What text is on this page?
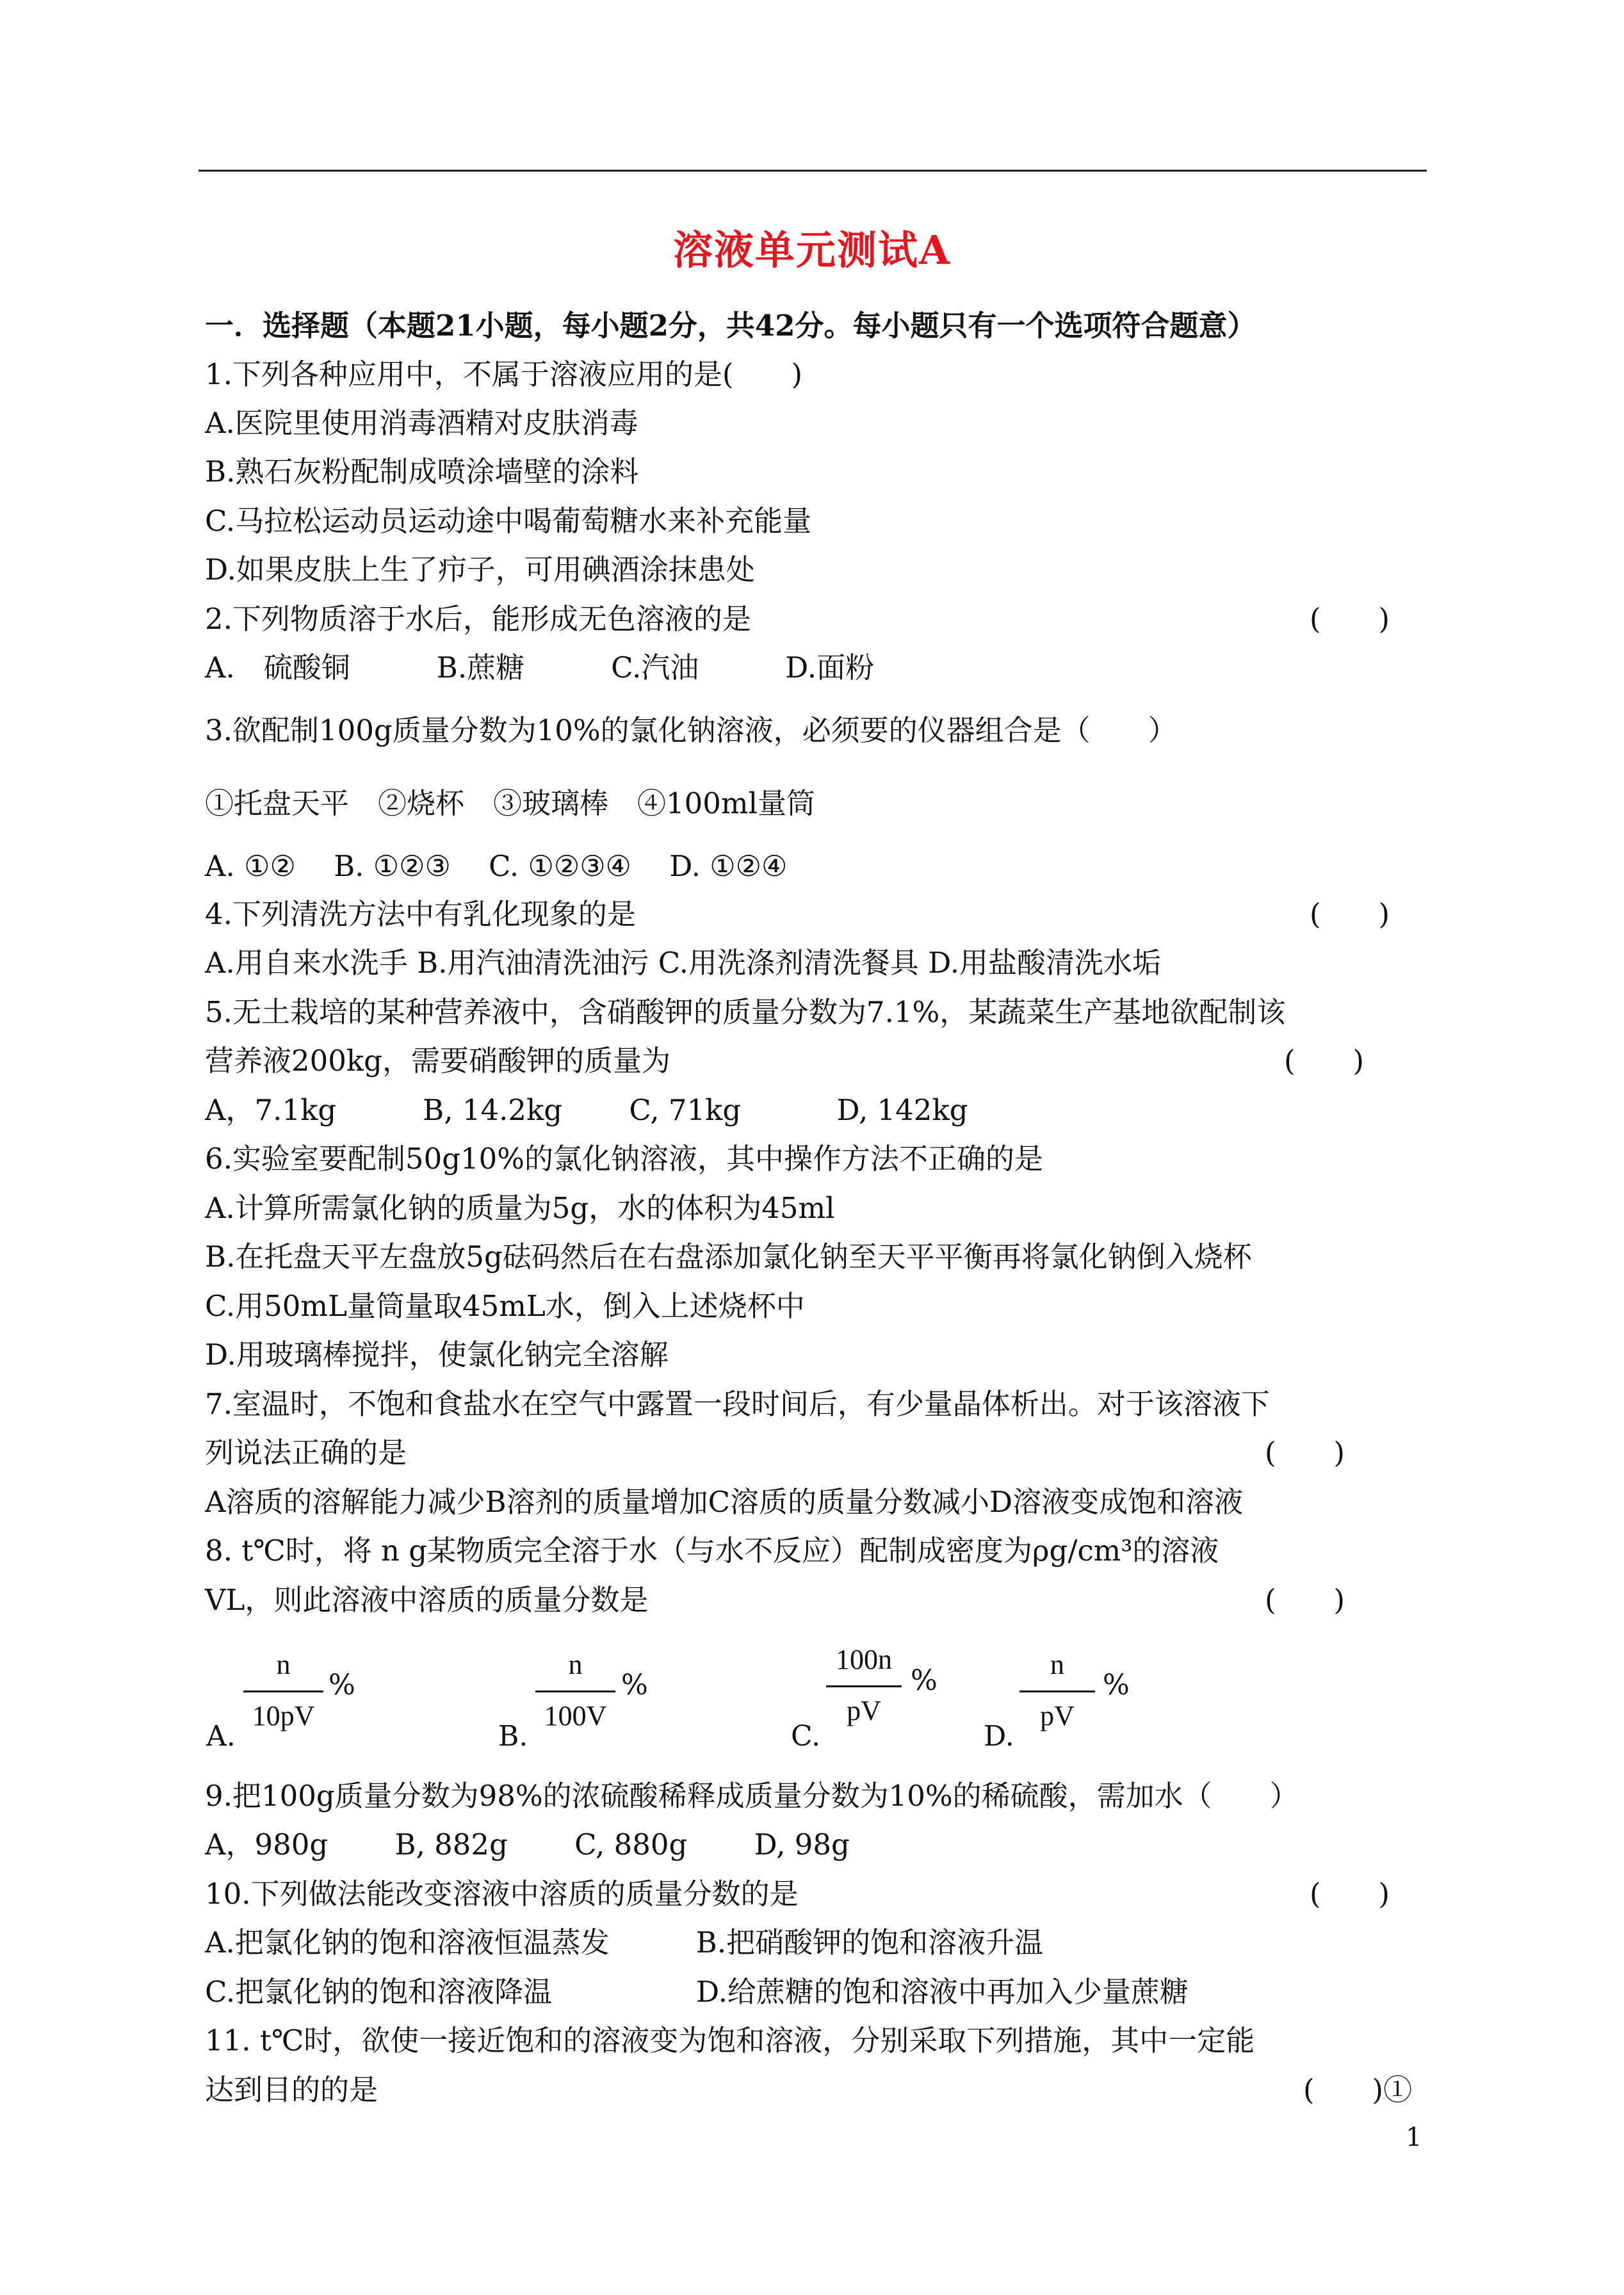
溶液单元测试A
一．选择题（本题21小题，每小题2分，共42分。每小题只有一个选项符合题意）
1.下列各种应用中，不属于溶液应用的是(　　)
A.医院里使用消毒酒精对皮肤消毒
B.熟石灰粉配制成喷涂墙壁的涂料
C.马拉松运动员运动途中喝葡萄糖水来补充能量
D.如果皮肤上生了疖子，可用碘酒涂抹患处
2.下列物质溶于水后，能形成无色溶液的是	(　　)
A.　硫酸铜　　　B.蔗糖　　　C.汽油　　　D.面粉
3.欲配制100g质量分数为10%的氯化钠溶液，必须要的仪器组合是（　　）
①托盘天平　②烧杯　③玻璃棒　④100ml量筒
A. ①②　 B. ①②③　 C. ①②③④　 D. ①②④
4.下列清洗方法中有乳化现象的是	(　　)
A.用自来水洗手 B.用汽油清洗油污 C.用洗涤剂清洗餐具 D.用盐酸清洗水垢
5.无土栽培的某种营养液中，含硝酸钾的质量分数为7.1%，某蔬菜生产基地欲配制该
营养液200kg，需要硝酸钾的质量为	(　　)
A，7.1kg　　　B, 14.2kg　　 C, 71kg　　　 D, 142kg
6.实验室要配制50g10%的氯化钠溶液，其中操作方法不正确的是
A.计算所需氯化钠的质量为5g，水的体积为45ml
B.在托盘天平左盘放5g砝码然后在右盘添加氯化钠至天平平衡再将氯化钠倒入烧杯
C.用50mL量筒量取45mL水，倒入上述烧杯中
D.用玻璃棒搅拌，使氯化钠完全溶解
7.室温时，不饱和食盐水在空气中露置一段时间后，有少量晶体析出。对于该溶液下
列说法正确的是	(　　)
A溶质的溶解能力减少B溶剂的质量增加C溶质的质量分数减小D溶液变成饱和溶液
8. t℃时，将 n g某物质完全溶于水（与水不反应）配制成密度为ρg/cm³的溶液
VL，则此溶液中溶质的质量分数是	(　　)
A.
n
10pV
%
B.
n
100V
%
C.
100n
pV
%
D.
n
pV
%
9.把100g质量分数为98%的浓硫酸稀释成质量分数为10%的稀硫酸，需加水（　　）
A，980g　　 B, 882g　　 C, 880g　　 D, 98g
10.下列做法能改变溶液中溶质的质量分数的是	(　　)
A.把氯化钠的饱和溶液恒温蒸发　　　B.把硝酸钾的饱和溶液升温
C.把氯化钠的饱和溶液降温　　　　　D.给蔗糖的饱和溶液中再加入少量蔗糖
11. t℃时，欲使一接近饱和的溶液变为饱和溶液，分别采取下列措施，其中一定能
达到目的的是	(　　)①
1
